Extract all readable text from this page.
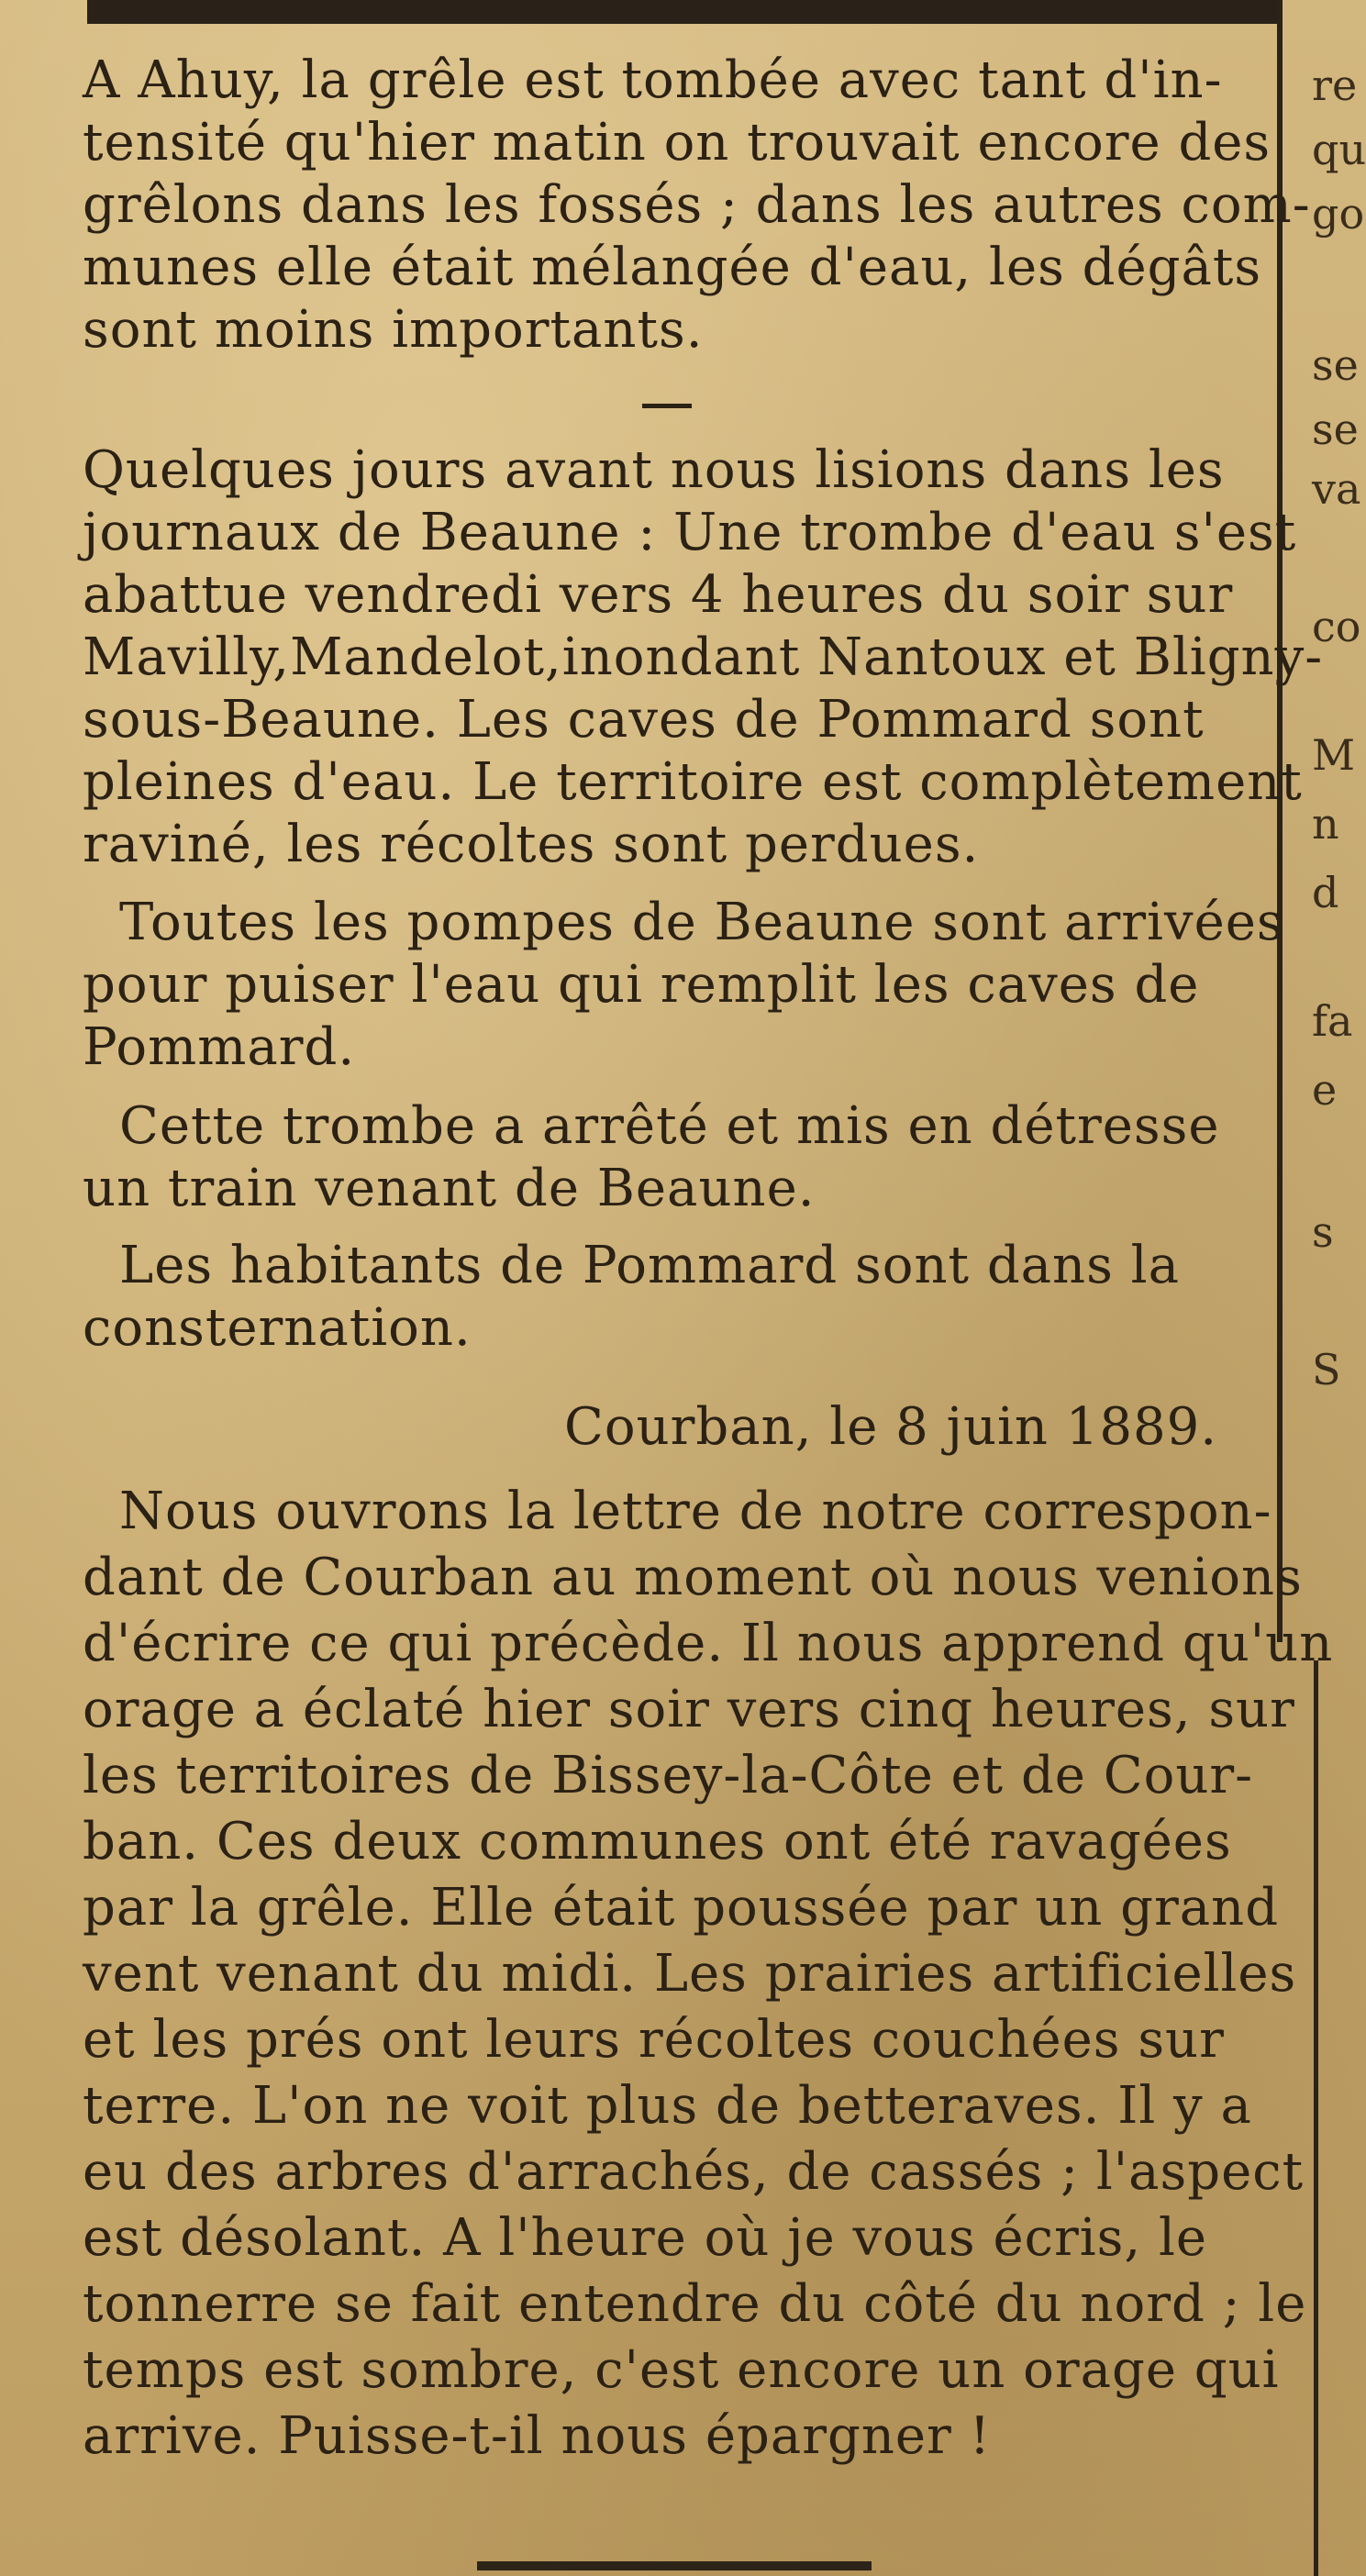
A Ahuy, la grêle est tombée avec tant d'in-
tensité qu'hier matin on trouvait encore des
grêlons dans les fossés ; dans les autres com-
munes elle était mélangée d'eau, les dégâts
sont moins importants.
Quelques jours avant nous lisions dans les
journaux de Beaune : Une trombe d'eau s'est
abattue vendredi vers 4 heures du soir sur
Mavilly,Mandelot,inondant Nantoux et Bligny-
sous-Beaune. Les caves de Pommard sont
pleines d'eau. Le territoire est complètement
raviné, les récoltes sont perdues.
Toutes les pompes de Beaune sont arrivées
pour puiser l'eau qui remplit les caves de
Pommard.
Cette trombe a arrêté et mis en détresse
un train venant de Beaune.
Les habitants de Pommard sont dans la
consternation.
Courban, le 8 juin 1889.
Nous ouvrons la lettre de notre correspon-
dant de Courban au moment où nous venions
d'écrire ce qui précède. Il nous apprend qu'un
orage a éclaté hier soir vers cinq heures, sur
les territoires de Bissey-la-Côte et de Cour-
ban. Ces deux communes ont été ravagées
par la grêle. Elle était poussée par un grand
vent venant du midi. Les prairies artificielles
et les prés ont leurs récoltes couchées sur
terre. L'on ne voit plus de betteraves. Il y a
eu des arbres d'arrachés, de cassés ; l'aspect
est désolant. A l'heure où je vous écris, le
tonnerre se fait entendre du côté du nord ; le
temps est sombre, c'est encore un orage qui
arrive. Puisse-t-il nous épargner !
re
qu
go
se
se
va
co
M
n
d
fa
e
s
S
